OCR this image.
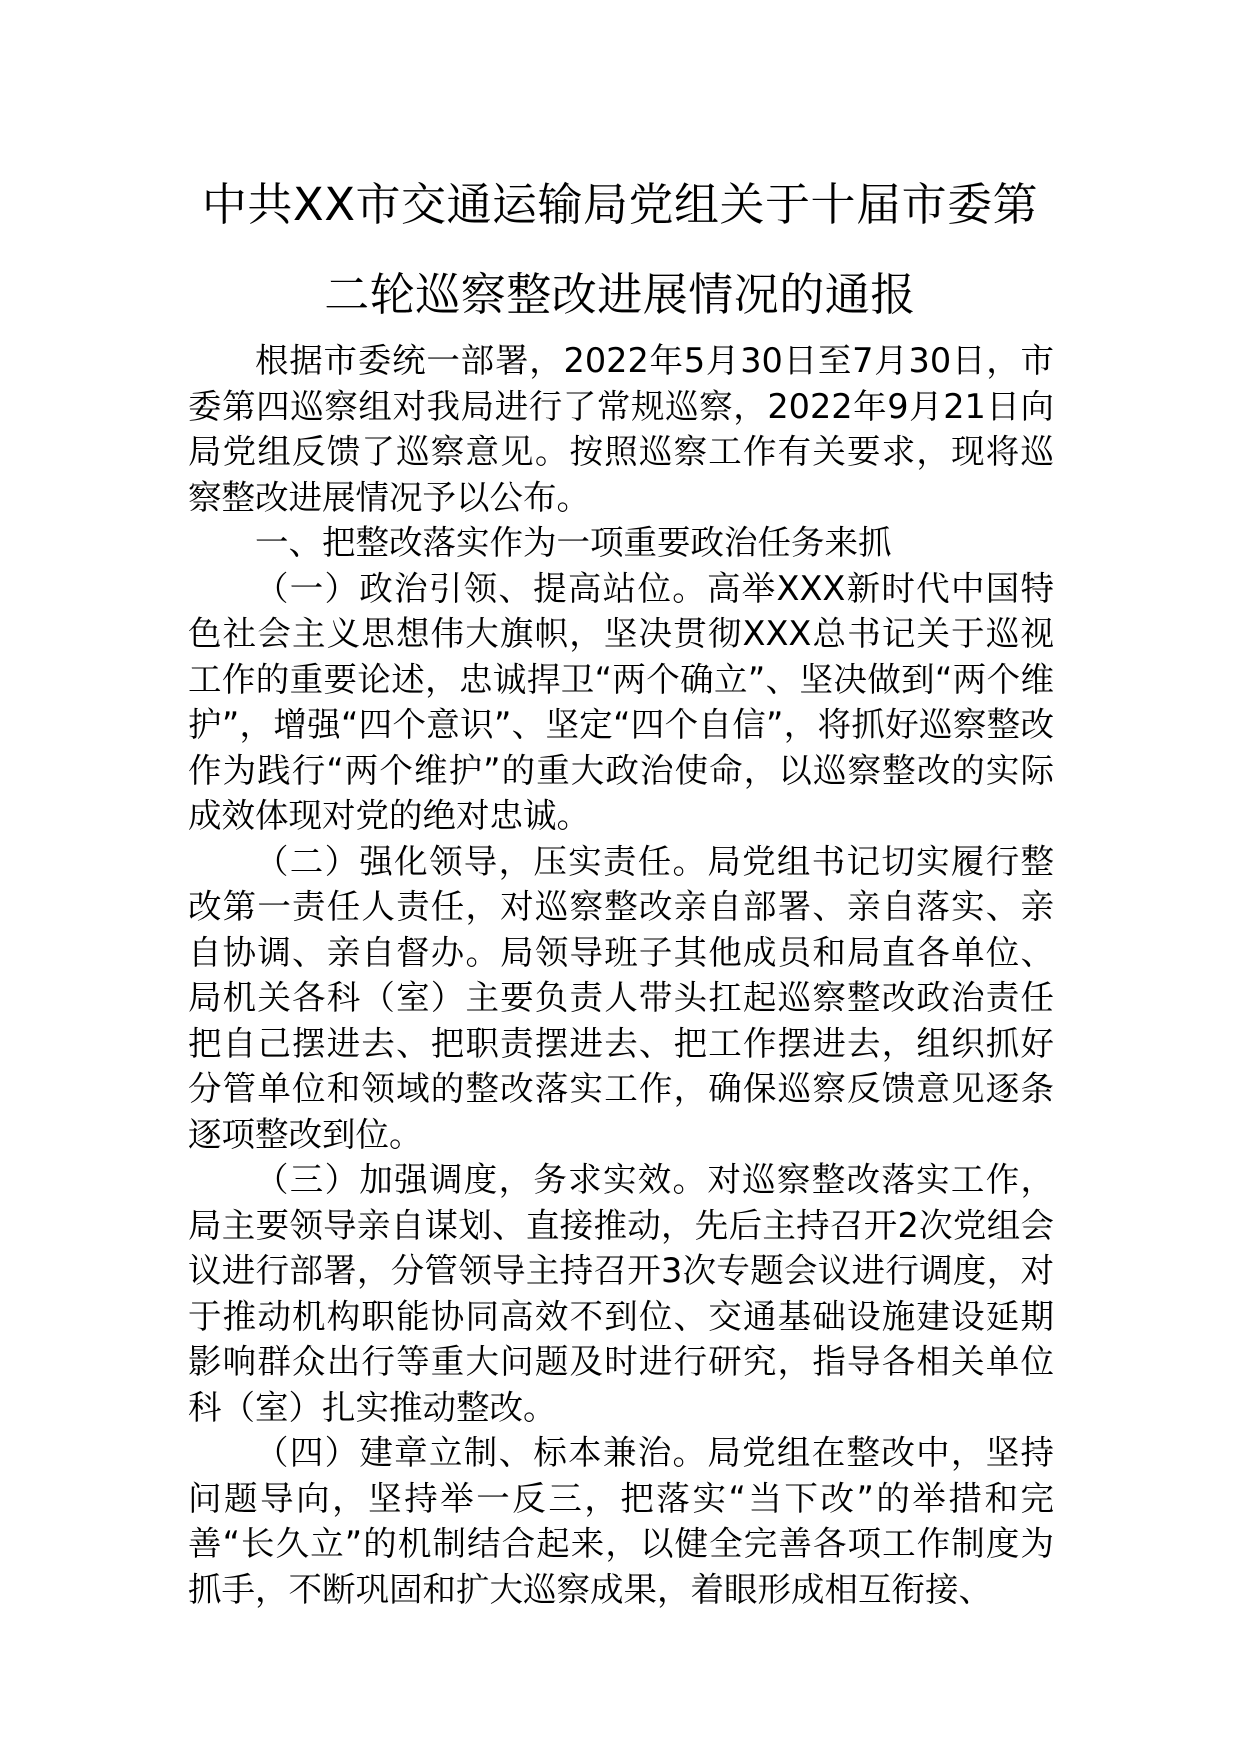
中共XX市交通运输局党组关于十届市委第
二轮巡察整改进展情况的通报

根据市委统一部署，2022年5月30日至7月30日，市委第四巡察组对我局进行了常规巡察，2022年9月21日向局党组反馈了巡察意见。按照巡察工作有关要求，现将巡察整改进展情况予以公布。

一、把整改落实作为一项重要政治任务来抓

（一）政治引领、提高站位。高举XXX新时代中国特色社会主义思想伟大旗帜，坚决贯彻XXX总书记关于巡视工作的重要论述，忠诚捍卫“两个确立”、坚决做到“两个维护”，增强“四个意识”、坚定“四个自信”，将抓好巡察整改作为践行“两个维护”的重大政治使命，以巡察整改的实际成效体现对党的绝对忠诚。

（二）强化领导，压实责任。局党组书记切实履行整改第一责任人责任，对巡察整改亲自部署、亲自落实、亲自协调、亲自督办。局领导班子其他成员和局直各单位、局机关各科（室）主要负责人带头扛起巡察整改政治责任把自己摆进去、把职责摆进去、把工作摆进去，组织抓好分管单位和领域的整改落实工作，确保巡察反馈意见逐条逐项整改到位。

（三）加强调度，务求实效。对巡察整改落实工作，局主要领导亲自谋划、直接推动，先后主持召开2次党组会议进行部署，分管领导主持召开3次专题会议进行调度，对于推动机构职能协同高效不到位、交通基础设施建设延期影响群众出行等重大问题及时进行研究，指导各相关单位科（室）扎实推动整改。

（四）建章立制、标本兼治。局党组在整改中，坚持问题导向，坚持举一反三，把落实“当下改”的举措和完善“长久立”的机制结合起来，以健全完善各项工作制度为抓手，不断巩固和扩大巡察成果，着眼形成相互衔接、
